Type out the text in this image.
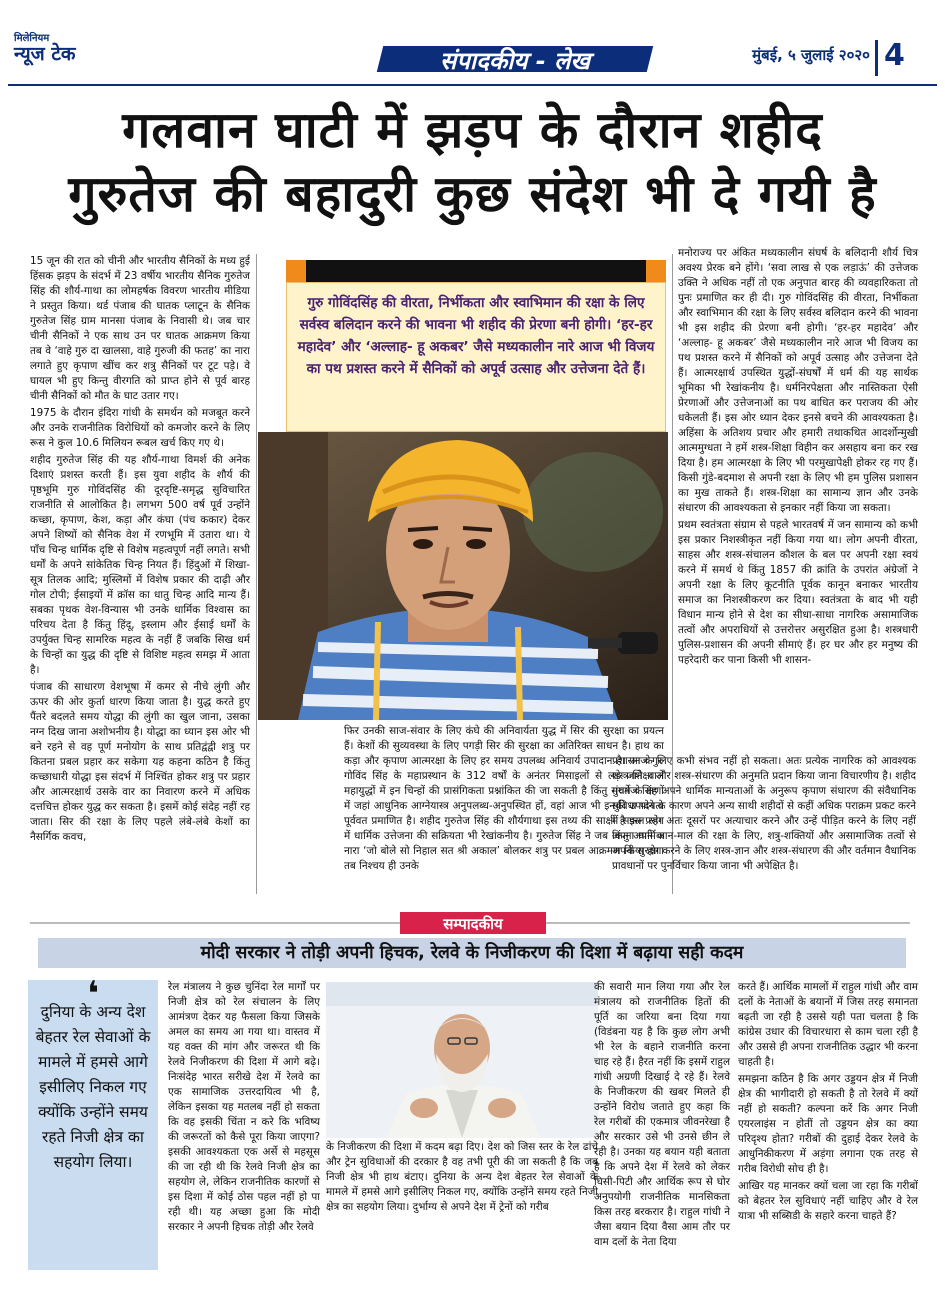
मिलेनियम
न्यूज टेक	संपादकीय - लेख	मुंबई, ५ जुलाई २०२० 4
गलवान घाटी में झड़प के दौरान शहीद
गुरुतेज की बहादुरी कुछ संदेश भी दे गयी है

15 जून की रात को चीनी और भारतीय सैनिकों के मध्य हुई हिंसक झड़प के संदर्भ में 23 वर्षीय भारतीय सैनिक गुरुतेज सिंह की शौर्य-गाथा का लोमहर्षक विवरण भारतीय मीडिया ने प्रस्तुत किया। थर्ड पंजाब की घातक प्लाटून के सैनिक गुरुतेज सिंह ग्राम मानसा पंजाब के निवासी थे। जब चार चीनी सैनिकों ने एक साथ उन पर घातक आक्रमण किया तब वे ‘वाहे गुरु दा खालसा, वाहे गुरुजी की फतह’ का नारा लगाते हुए कृपाण खींच कर शत्रु सैनिकों पर टूट पड़े। वे घायल भी हुए किन्तु वीरगति को प्राप्त होने से पूर्व बारह चीनी सैनिकों को मौत के घाट उतार गए।

1975 के दौरान इंदिरा गांधी के समर्थन को मजबूत करने और उनके राजनीतिक विरोधियों को कमजोर करने के लिए रूस ने कुल 10.6 मिलियन रूबल खर्च किए गए थे।

शहीद गुरुतेज सिंह की यह शौर्य-गाथा विमर्श की अनेक दिशाएं प्रशस्त करती हैं। इस युवा शहीद के शौर्य की पृष्ठभूमि गुरु गोविंदसिंह की दूरदृष्टि-समृद्ध सुविचारित राजनीति से आलोकित है। लगभग 500 वर्ष पूर्व उन्होंने कच्छा, कृपाण, केश, कड़ा और कंघा (पंच ककार) देकर अपने शिष्यों को सैनिक वेश में रणभूमि में उतारा था। ये पाँच चिन्ह धार्मिक दृष्टि से विशेष महत्वपूर्ण नहीं लगते। सभी धर्मों के अपने सांकेतिक चिन्ह नियत हैं। हिंदुओं में शिखा-सूत्र तिलक आदि; मुस्लिमों में विशेष प्रकार की दाढ़ी और गोल टोपी; ईसाइयों में क्रॉस का धातु चिन्ह आदि मान्य हैं। सबका पृथक वेश-विन्यास भी उनके धार्मिक विश्वास का परिचय देता है किंतु हिंदू, इस्लाम और ईसाई धर्मों के उपर्युक्त चिन्ह सामरिक महत्व के नहीं हैं जबकि सिख धर्म के चिन्हों का युद्ध की दृष्टि से विशिष्ट महत्व समझ में आता है।

पंजाब की साधारण वेशभूषा में कमर से नीचे लुंगी और ऊपर की ओर कुर्ता धारण किया जाता है। युद्ध करते हुए पैंतरे बदलते समय योद्धा की लुंगी का खुल जाना, उसका नग्न दिख जाना अशोभनीय है। योद्धा का ध्यान इस ओर भी बने रहने से वह पूर्ण मनोयोग के साथ प्रतिद्वंद्वी शत्रु पर कितना प्रबल प्रहार कर सकेगा यह कहना कठिन है किंतु कच्छाधारी योद्धा इस संदर्भ में निश्चिंत होकर शत्रु पर प्रहार और आत्मरक्षार्थ उसके वार का निवारण करने में अधिक दत्तचित्त होकर युद्ध कर सकता है। इसमें कोई संदेह नहीं रह जाता। सिर की रक्षा के लिए पहले लंबे-लंबे केशों का नैसर्गिक कवच,

फिर उनकी साज-संवार के लिए कंघे की अनिवार्यता युद्ध में सिर की सुरक्षा का प्रयत्न हैं। केशों की सुव्यवस्था के लिए पगड़ी सिर की सुरक्षा का अतिरिक्त साधन है। हाथ का कड़ा और कृपाण आत्मरक्षा के लिए हर समय उपलब्ध अनिवार्य उपादान है। आज गुरु गोविंद सिंह के महाप्रस्थान के 312 वर्षों के अनंतर मिसाइलों से लड़े जाने वाले महायुद्धों में इन चिन्हों की प्रासंगिकता प्रश्नांकित की जा सकती है किंतु संघर्ष के क्षणों में जहां आधुनिक आग्नेयास्त्र अनुपलब्ध-अनुपस्थित हों, वहां आज भी इनकी उपादेयता पूर्ववत प्रमाणित है। शहीद गुरुतेज सिंह की शौर्यगाथा इस तथ्य की साक्षी है इस प्रसंग में धार्मिक उत्तेजना की सक्रियता भी रेखांकनीय है। गुरुतेज सिंह ने जब अपना धार्मिक नारा ‘जो बोले सो निहाल सत श्री अकाल’ बोलकर शत्रु पर प्रबल आक्रमण किया होगा तब निश्चय ही उनके

मनोराज्य पर अंकित मध्यकालीन संघर्ष के बलिदानी शौर्य चित्र अवश्य प्रेरक बने होंगे। ‘सवा लाख से एक लड़ाऊं’ की उत्तेजक उक्ति ने अधिक नहीं तो एक अनुपात बारह की व्यवहारिकता तो पुनः प्रमाणित कर ही दी। गुरु गोविंदसिंह की वीरता, निर्भीकता और स्वाभिमान की रक्षा के लिए सर्वस्व बलिदान करने की भावना भी इस शहीद की प्रेरणा बनी होगी। ‘हर-हर महादेव’ और ‘अल्लाह- हू अकबर’ जैसे मध्यकालीन नारे आज भी विजय का पथ प्रशस्त करने में सैनिकों को अपूर्व उत्साह और उत्तेजना देते हैं। आत्मरक्षार्थ उपस्थित युद्धों-संघर्षों में धर्म की यह सार्थक भूमिका भी रेखांकनीय है। धर्मनिरपेक्षता और नास्तिकता ऐसी प्रेरणाओं और उत्तेजनाओं का पथ बाधित कर पराजय की ओर धकेलती हैं। इस ओर ध्यान देकर इनसे बचने की आवश्यकता है। अहिंसा के अतिशय प्रचार और हमारी तथाकथित आदर्शोन्मुखी आत्ममुग्धता ने हमें शस्त्र-शिक्षा विहीन कर असहाय बना कर रख दिया है। हम आत्मरक्षा के लिए भी परमुखापेक्षी होकर रह गए हैं। किसी गुंडे-बदमाश से अपनी रक्षा के लिए भी हम पुलिस प्रशासन का मुख ताकते हैं। शस्त्र-शिक्षा का सामान्य ज्ञान और उनके संधारण की आवश्यकता से इनकार नहीं किया जा सकता।

प्रथम स्वतंत्रता संग्राम से पहले भारतवर्ष में जन सामान्य को कभी इस प्रकार निशस्त्रीकृत नहीं किया गया था। लोग अपनी वीरता, साहस और शस्त्र-संचालन कौशल के बल पर अपनी रक्षा स्वयं करने में समर्थ थे किंतु 1857 की क्रांति के उपरांत अंग्रेजों ने अपनी रक्षा के लिए कूटनीति पूर्वक कानून बनाकर भारतीय समाज का निशस्त्रीकरण कर दिया। स्वतंत्रता के बाद भी यही विधान मान्य होने से देश का सीधा-साधा नागरिक असामाजिक तत्वों और अपराधियों से उत्तरोत्तर असुरक्षित हुआ है। शस्त्रधारी पुलिस-प्रशासन की अपनी सीमाएं हैं। हर घर और हर मनुष्य की पहरेदारी कर पाना किसी भी शासन-

प्रशासन के लिए कभी संभव नहीं हो सकता। अतः प्रत्येक नागरिक को आवश्यक शस्त्र-शिक्षा और शस्त्र-संधारण की अनुमति प्रदान किया जाना विचारणीय है। शहीद गुरुतेज सिंह अपने धार्मिक मान्यताओं के अनुरूप कृपाण संधारण की संवैधानिक सुविधा पाने के कारण अपने अन्य साथी शहीदों से कहीं अधिक पराक्रम प्रकट करने में सफल रहे। अतः दूसरों पर अत्याचार करने और उन्हें पीड़ित करने के लिए नहीं किंतु अपने जान-माल की रक्षा के लिए, शत्रु-शक्तियों और असामाजिक तत्वों से अपनी सुरक्षा करने के लिए शस्त्र-ज्ञान और शस्त्र-संधारण की और वर्तमान वैधानिक प्रावधानों पर पुनर्विचार किया जाना भी अपेक्षित है।

गुरु गोविंदसिंह की वीरता, निर्भीकता और स्वाभिमान की रक्षा के लिए सर्वस्व बलिदान करने की भावना भी शहीद की प्रेरणा बनी होगी। ‘हर-हर महादेव’ और ‘अल्लाह- हू अकबर’ जैसे मध्यकालीन नारे आज भी विजय का पथ प्रशस्त करने में सैनिकों को अपूर्व उत्साह और उत्तेजना देते हैं।
सम्पादकीय
मोदी सरकार ने तोड़ी अपनी हिचक, रेलवे के निजीकरण की दिशा में बढ़ाया सही कदम
❛
दुनिया के अन्य देश बेहतर रेल सेवाओं के मामले में हमसे आगे इसीलिए निकल गए क्योंकि उन्होंने समय रहते निजी क्षेत्र का सहयोग लिया।

रेल मंत्रालय ने कुछ चुनिंदा रेल मार्गों पर निजी क्षेत्र को रेल संचालन के लिए आमंत्रण देकर यह फैसला किया जिसके अमल का समय आ गया था। वास्तव में यह वक्त की मांग और जरूरत थी कि रेलवे निजीकरण की दिशा में आगे बढ़े। निःसंदेह भारत सरीखे देश में रेलवे का एक सामाजिक उत्तरदायित्व भी है, लेकिन इसका यह मतलब नहीं हो सकता कि वह इसकी चिंता न करे कि भविष्य की जरूरतों को कैसे पूरा किया जाएगा? इसकी आवश्यकता एक अर्से से महसूस की जा रही थी कि रेलवे निजी क्षेत्र का सहयोग ले, लेकिन राजनीतिक कारणों से इस दिशा में कोई ठोस पहल नहीं हो पा रही थी। यह अच्छा हुआ कि मोदी सरकार ने अपनी हिचक तोड़ी और रेलवे

के निजीकरण की दिशा में कदम बढ़ा दिए। देश को जिस स्तर के रेल ढांचे और ट्रेन सुविधाओं की दरकार है वह तभी पूरी की जा सकती है कि जब निजी क्षेत्र भी हाथ बंटाए। दुनिया के अन्य देश बेहतर रेल सेवाओं के मामले में हमसे आगे इसीलिए निकल गए, क्योंकि उन्होंने समय रहते निजी क्षेत्र का सहयोग लिया। दुर्भाग्य से अपने देश में ट्रेनों को गरीब

की सवारी मान लिया गया और रेल मंत्रालय को राजनीतिक हितों की पूर्ति का जरिया बना दिया गया (विडंबना यह है कि कुछ लोग अभी भी रेल के बहाने राजनीति करना चाह रहे हैं। हैरत नहीं कि इसमें राहुल गांधी अग्रणी दिखाई दे रहे हैं। रेलवे के निजीकरण की खबर मिलते ही उन्होंने विरोध जताते हुए कहा कि रेल गरीबों की एकमात्र जीवनरेखा है और सरकार उसे भी उनसे छीन ले रही है। उनका यह बयान यही बताता है कि अपने देश में रेलवे को लेकर घिसी-पिटी और आर्थिक रूप से घोर अनुपयोगी राजनीतिक मानसिकता किस तरह बरकरार है। राहुल गांधी ने जैसा बयान दिया वैसा आम तौर पर वाम दलों के नेता दिया

करते हैं। आर्थिक मामलों में राहुल गांधी और वाम दलों के नेताओं के बयानों में जिस तरह समानता बढ़ती जा रही है उससे यही पता चलता है कि कांग्रेस उधार की विचारधारा से काम चला रही है और उससे ही अपना राजनीतिक उद्धार भी करना चाहती है।

समझना कठिन है कि अगर उड्डयन क्षेत्र में निजी क्षेत्र की भागीदारी हो सकती है तो रेलवे में क्यों नहीं हो सकती? कल्पना करें कि अगर निजी एयरलाइंस न होतीं तो उड्डयन क्षेत्र का क्या परिदृश्य होता? गरीबों की दुहाई देकर रेलवे के आधुनिकीकरण में अड़ंगा लगाना एक तरह से गरीब विरोधी सोच ही है।

आखिर यह मानकर क्यों चला जा रहा कि गरीबों को बेहतर रेल सुविधाएं नहीं चाहिए और वे रेल यात्रा भी सब्सिडी के सहारे करना चाहते हैं?
